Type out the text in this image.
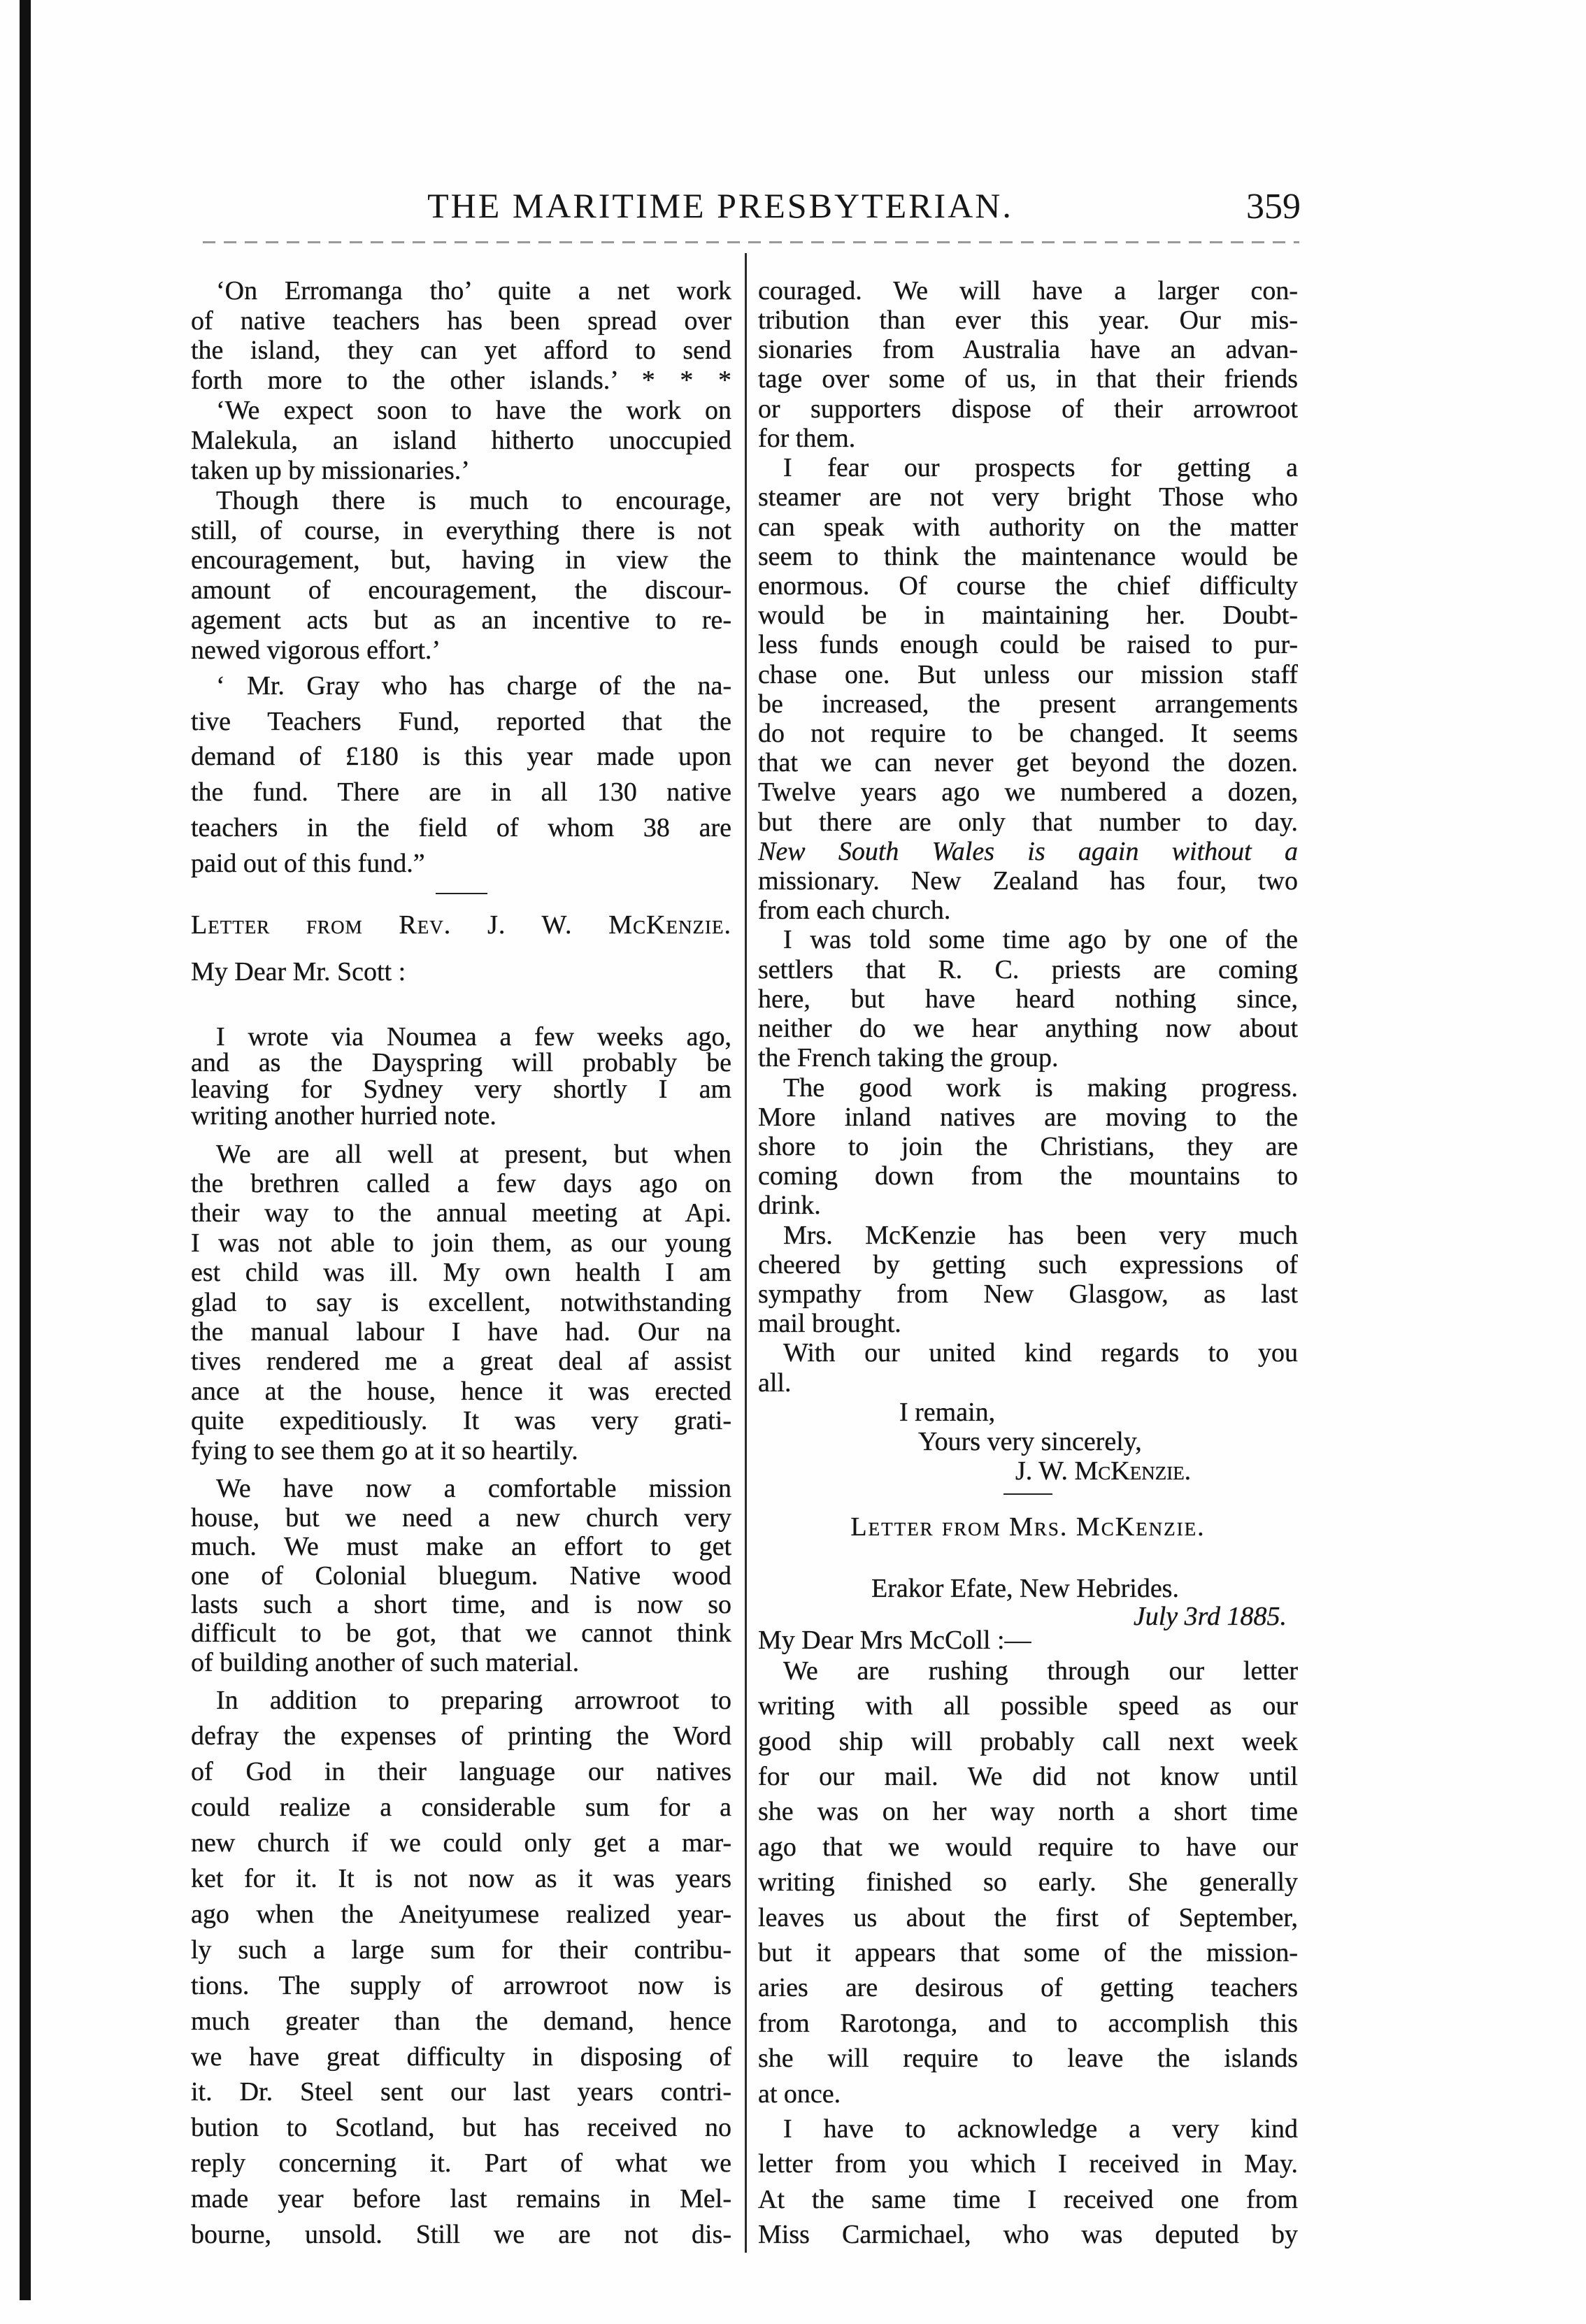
THE MARITIME PRESBYTERIAN.	359
‘On Erromanga tho’ quite a net work
of native teachers has been spread over
the island, they can yet afford to send
forth more to the other islands.’ * * *
‘We expect soon to have the work on
Malekula, an island hitherto unoccupied
taken up by missionaries.’
Though there is much to encourage,
still, of course, in everything there is not
encouragement, but, having in view the
amount of encouragement, the discour-
agement acts but as an incentive to re-
newed vigorous effort.’
‘ Mr. Gray who has charge of the na-
tive Teachers Fund, reported that the
demand of £180 is this year made upon
the fund. There are in all 130 native
teachers in the field of whom 38 are
paid out of this fund.”
Letter from Rev. J. W. McKenzie.
My Dear Mr. Scott :
I wrote via Noumea a few weeks ago,
and as the Dayspring will probably be
leaving for Sydney very shortly I am
writing another hurried note.
We are all well at present, but when
the brethren called a few days ago on
their way to the annual meeting at Api.
I was not able to join them, as our young
est child was ill. My own health I am
glad to say is excellent, notwithstanding
the manual labour I have had. Our na
tives rendered me a great deal af assist
ance at the house, hence it was erected
quite expeditiously. It was very grati-
fying to see them go at it so heartily.
We have now a comfortable mission
house, but we need a new church very
much. We must make an effort to get
one of Colonial bluegum. Native wood
lasts such a short time, and is now so
difficult to be got, that we cannot think
of building another of such material.
In addition to preparing arrowroot to
defray the expenses of printing the Word
of God in their language our natives
could realize a considerable sum for a
new church if we could only get a mar-
ket for it. It is not now as it was years
ago when the Aneityumese realized year-
ly such a large sum for their contribu-
tions. The supply of arrowroot now is
much greater than the demand, hence
we have great difficulty in disposing of
it. Dr. Steel sent our last years contri-
bution to Scotland, but has received no
reply concerning it. Part of what we
made year before last remains in Mel-
bourne, unsold. Still we are not dis-
couraged. We will have a larger con-
tribution than ever this year. Our mis-
sionaries from Australia have an advan-
tage over some of us, in that their friends
or supporters dispose of their arrowroot
for them.
I fear our prospects for getting a
steamer are not very bright Those who
can speak with authority on the matter
seem to think the maintenance would be
enormous. Of course the chief difficulty
would be in maintaining her. Doubt-
less funds enough could be raised to pur-
chase one. But unless our mission staff
be increased, the present arrangements
do not require to be changed. It seems
that we can never get beyond the dozen.
Twelve years ago we numbered a dozen,
but there are only that number to day.
New South Wales is again without a
missionary. New Zealand has four, two
from each church.
I was told some time ago by one of the
settlers that R. C. priests are coming
here, but have heard nothing since,
neither do we hear anything now about
the French taking the group.
The good work is making progress.
More inland natives are moving to the
shore to join the Christians, they are
coming down from the mountains to
drink.
Mrs. McKenzie has been very much
cheered by getting such expressions of
sympathy from New Glasgow, as last
mail brought.
With our united kind regards to you
all.
I remain,
Yours very sincerely,
J. W. McKenzie.
Letter from Mrs. McKenzie.
Erakor Efate, New Hebrides.
July 3rd 1885.
My Dear Mrs McColl :—
We are rushing through our letter
writing with all possible speed as our
good ship will probably call next week
for our mail. We did not know until
she was on her way north a short time
ago that we would require to have our
writing finished so early. She generally
leaves us about the first of September,
but it appears that some of the mission-
aries are desirous of getting teachers
from Rarotonga, and to accomplish this
she will require to leave the islands
at once.
I have to acknowledge a very kind
letter from you which I received in May.
At the same time I received one from
Miss Carmichael, who was deputed by
